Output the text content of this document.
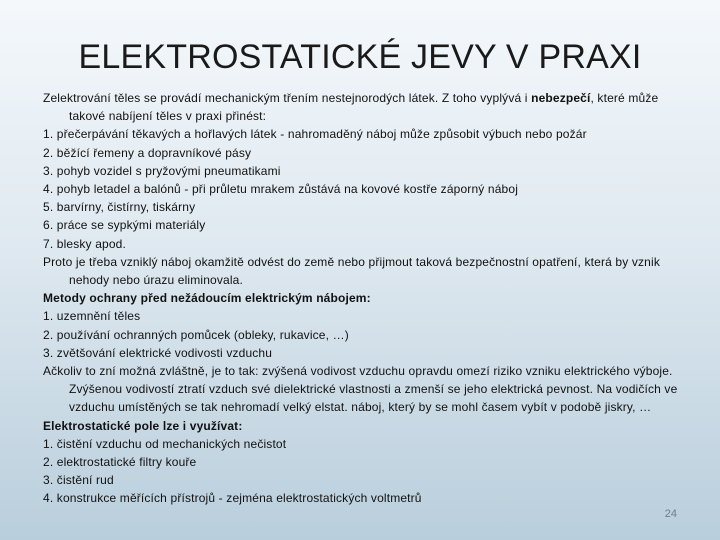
ELEKTROSTATICKÉ JEVY V PRAXI

Zelektrování těles se provádí mechanickým třením nestejnorodých látek. Z toho vyplývá i nebezpečí, které může takové nabíjení těles v praxi přinést:

1. přečerpávání těkavých a hořlavých látek - nahromaděný náboj může způsobit výbuch nebo požár

2. běžící řemeny a dopravníkové pásy

3. pohyb vozidel s pryžovými pneumatikami

4. pohyb letadel a balónů - při průletu mrakem zůstává na kovové kostře záporný náboj

5. barvírny, čistírny, tiskárny

6. práce se sypkými materiály

7. blesky apod.

Proto je třeba vzniklý náboj okamžitě odvést do země nebo přijmout taková bezpečnostní opatření, která by vznik nehody nebo úrazu eliminovala.

Metody ochrany před nežádoucím elektrickým nábojem:

1. uzemnění těles

2. používání ochranných pomůcek (obleky, rukavice, …)

3. zvětšování elektrické vodivosti vzduchu

Ačkoliv to zní možná zvláštně, je to tak: zvýšená vodivost vzduchu opravdu omezí riziko vzniku elektrického výboje. Zvýšenou vodivostí ztratí vzduch své dielektrické vlastnosti a zmenší se jeho elektrická pevnost. Na vodičích ve vzduchu umístěných se tak nehromadí velký elstat. náboj, který by se mohl časem vybít v podobě jiskry, …

Elektrostatické pole lze i využívat:

1. čistění vzduchu od mechanických nečistot

2. elektrostatické filtry kouře

3. čistění rud

4. konstrukce měřících přístrojů - zejména elektrostatických voltmetrů

24
